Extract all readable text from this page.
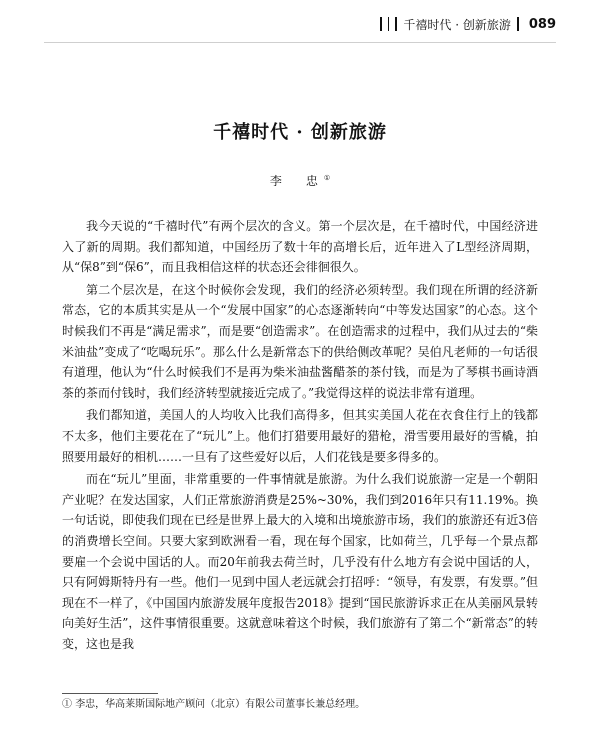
千禧时代 · 创新旅游 089
千禧时代 · 创新旅游
李　忠①

我今天说的“千禧时代”有两个层次的含义。第一个层次是，在千禧时代，中国经济进入了新的周期。我们都知道，中国经历了数十年的高增长后，近年进入了L型经济周期，从“保8”到“保6”，而且我相信这样的状态还会徘徊很久。

第二个层次是，在这个时候你会发现，我们的经济必须转型。我们现在所谓的经济新常态，它的本质其实是从一个“发展中国家”的心态逐渐转向“中等发达国家”的心态。这个时候我们不再是“满足需求”，而是要“创造需求”。在创造需求的过程中，我们从过去的“柴米油盐”变成了“吃喝玩乐”。那么什么是新常态下的供给侧改革呢？吴伯凡老师的一句话很有道理，他认为“什么时候我们不是再为柴米油盐酱醋茶的茶付钱，而是为了琴棋书画诗酒茶的茶而付钱时，我们经济转型就接近完成了。”我觉得这样的说法非常有道理。

我们都知道，美国人的人均收入比我们高得多，但其实美国人花在衣食住行上的钱都不太多，他们主要花在了“玩儿”上。他们打猎要用最好的猎枪，滑雪要用最好的雪橇，拍照要用最好的相机……一旦有了这些爱好以后，人们花钱是要多得多的。

而在“玩儿”里面，非常重要的一件事情就是旅游。为什么我们说旅游一定是一个朝阳产业呢？在发达国家，人们正常旅游消费是25%~30%，我们到2016年只有11.19%。换一句话说，即使我们现在已经是世界上最大的入境和出境旅游市场，我们的旅游还有近3倍的消费增长空间。只要大家到欧洲看一看，现在每个国家，比如荷兰，几乎每一个景点都要雇一个会说中国话的人。而20年前我去荷兰时，几乎没有什么地方有会说中国话的人，只有阿姆斯特丹有一些。他们一见到中国人老远就会打招呼：“领导，有发票，有发票。”但现在不一样了，《中国国内旅游发展年度报告2018》提到“国民旅游诉求正在从美丽风景转向美好生活”，这件事情很重要。这就意味着这个时候，我们旅游有了第二个“新常态”的转变，这也是我

① 李忠，华高莱斯国际地产顾问（北京）有限公司董事长兼总经理。
